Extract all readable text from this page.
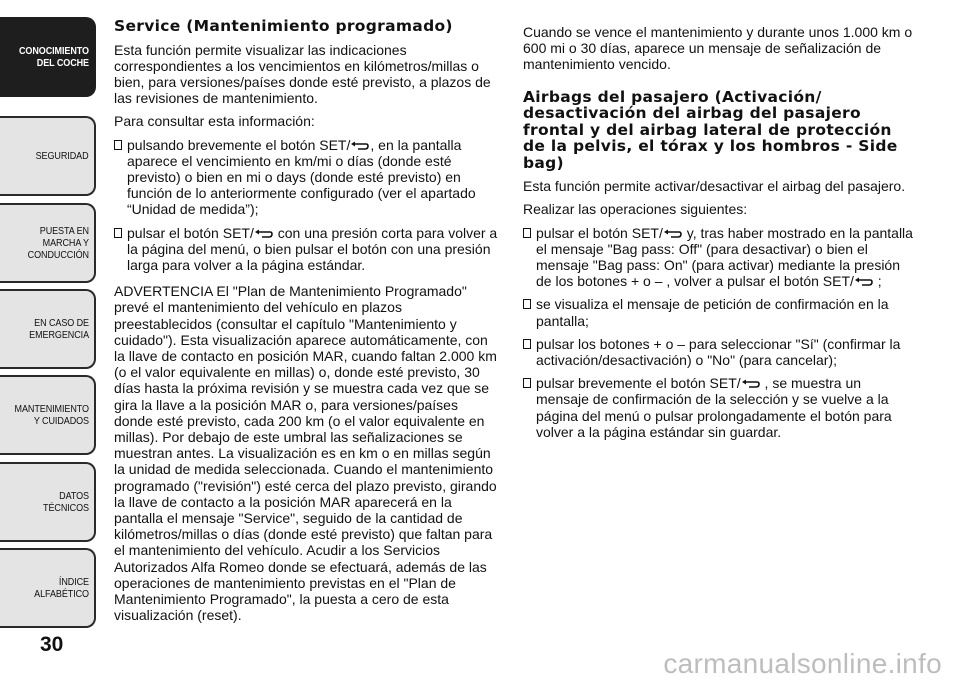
CONOCIMIENTO DEL COCHE
SEGURIDAD
PUESTA EN MARCHA Y CONDUCCIÓN
EN CASO DE EMERGENCIA
MANTENIMIENTO Y CUIDADOS
DATOS TÉCNICOS
ÍNDICE ALFABÉTICO
30
Service (Mantenimiento programado)

Esta función permite visualizar las indicaciones correspondientes a los vencimientos en kilómetros/millas o bien, para versiones/países donde esté previsto, a plazos de las revisiones de mantenimiento.

Para consultar esta información:

pulsando brevemente el botón SET/ , en la pantalla aparece el vencimiento en km/mi o días (donde esté previsto) o bien en mi o days (donde esté previsto) en función de lo anteriormente configurado (ver el apartado “Unidad de medida”);

pulsar el botón SET/ con una presión corta para volver a la página del menú, o bien pulsar el botón con una presión larga para volver a la página estándar.

ADVERTENCIA El "Plan de Mantenimiento Programado" prevé el mantenimiento del vehículo en plazos preestablecidos (consultar el capítulo "Mantenimiento y cuidado"). Esta visualización aparece automáticamente, con la llave de contacto en posición MAR, cuando faltan 2.000 km (o el valor equivalente en millas) o, donde esté previsto, 30 días hasta la próxima revisión y se muestra cada vez que se gira la llave a la posición MAR o, para versiones/países donde esté previsto, cada 200 km (o el valor equivalente en millas). Por debajo de este umbral las señalizaciones se muestran antes. La visualización es en km o en millas según la unidad de medida seleccionada. Cuando el mantenimiento programado ("revisión") esté cerca del plazo previsto, girando la llave de contacto a la posición MAR aparecerá en la pantalla el mensaje "Service", seguido de la cantidad de kilómetros/millas o días (donde esté previsto) que faltan para el mantenimiento del vehículo. Acudir a los Servicios Autorizados Alfa Romeo donde se efectuará, además de las operaciones de mantenimiento previstas en el "Plan de Mantenimiento Programado", la puesta a cero de esta visualización (reset).

Cuando se vence el mantenimiento y durante unos 1.000 km o 600 mi o 30 días, aparece un mensaje de señalización de mantenimiento vencido.

Airbags del pasajero (Activación/ desactivación del airbag del pasajero frontal y del airbag lateral de protección de la pelvis, el tórax y los hombros - Side bag)

Esta función permite activar/desactivar el airbag del pasajero.

Realizar las operaciones siguientes:

pulsar el botón SET/ y, tras haber mostrado en la pantalla el mensaje "Bag pass: Off" (para desactivar) o bien el mensaje "Bag pass: On" (para activar) mediante la presión de los botones + o – , volver a pulsar el botón SET/ ;

se visualiza el mensaje de petición de confirmación en la pantalla;

pulsar los botones + o – para seleccionar "Sí" (confirmar la activación/desactivación) o "No" (para cancelar);

pulsar brevemente el botón SET/ , se muestra un mensaje de confirmación de la selección y se vuelve a la página del menú o pulsar prolongadamente el botón para volver a la página estándar sin guardar.

carmanualsonline.info
